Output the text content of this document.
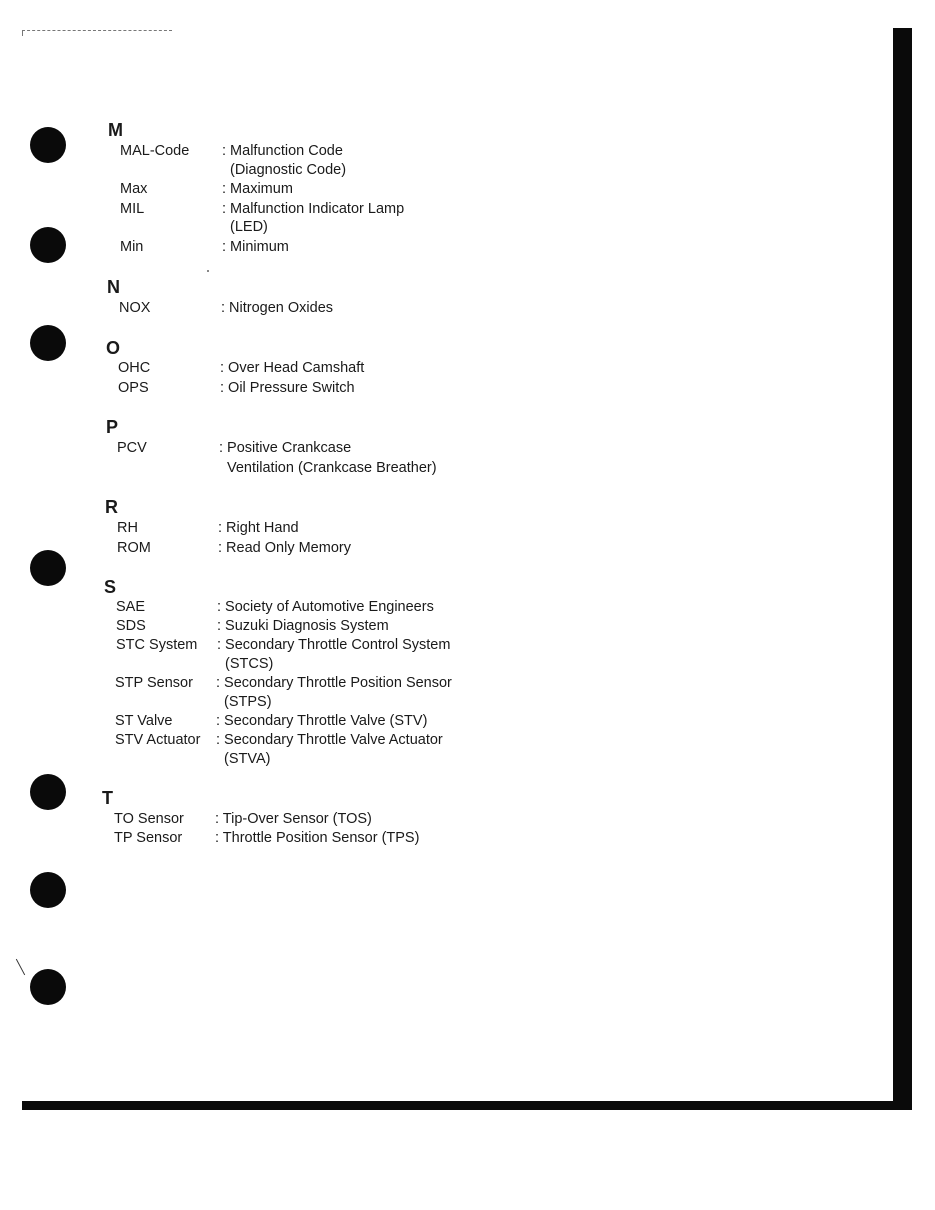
M
MAL-Code : Malfunction Code
(Diagnostic Code)
Max	: Maximum
MIL	: Malfunction Indicator Lamp
(LED)
Min	: Minimum
N
NOX	: Nitrogen Oxides
O
OHC	: Over Head Camshaft
OPS	: Oil Pressure Switch
P
PCV	: Positive Crankcase
Ventilation (Crankcase Breather)
R
RH	: Right Hand
ROM	: Read Only Memory
S
SAE	: Society of Automotive Engineers
SDS	: Suzuki Diagnosis System
STC System : Secondary Throttle Control System
(STCS)
STP Sensor : Secondary Throttle Position Sensor
(STPS)
ST Valve	: Secondary Throttle Valve (STV)
STV Actuator : Secondary Throttle Valve Actuator
(STVA)
T
TO Sensor : Tip-Over Sensor (TOS)
TP Sensor : Throttle Position Sensor (TPS)
